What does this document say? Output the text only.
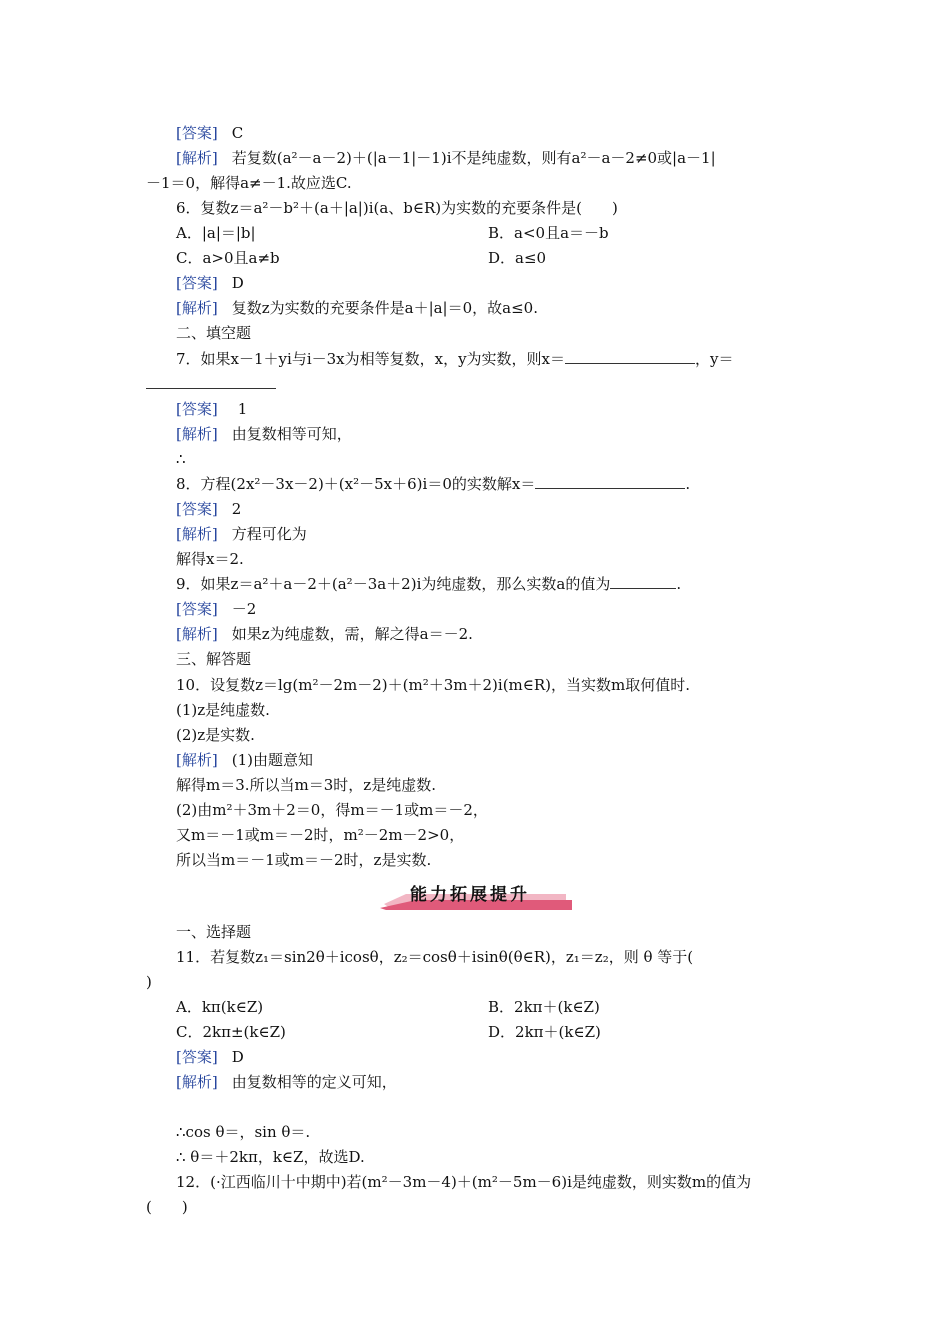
[答案] C
[解析] 若复数(a²－a－2)＋(|a－1|－1)i不是纯虚数，则有a²－a－2≠0或|a－1|
－1＝0，解得a≠－1.故应选C.
6．复数z＝a²－b²＋(a＋|a|)i(a、b∈R)为实数的充要条件是(　　)
A．|a|＝|b|	B．a<0且a＝－b
C．a>0且a≠b	D．a≤0
[答案] D
[解析] 复数z为实数的充要条件是a＋|a|＝0，故a≤0.
二、填空题
7．如果x－1＋yi与i－3x为相等复数，x，y为实数，则x＝	，y＝
[答案] 1
[解析] 由复数相等可知，
∴
8．方程(2x²－3x－2)＋(x²－5x＋6)i＝0的实数解x＝	.
[答案] 2
[解析] 方程可化为
解得x＝2.
9．如果z＝a²＋a－2＋(a²－3a＋2)i为纯虚数，那么实数a的值为	.
[答案] －2
[解析] 如果z为纯虚数，需，解之得a＝－2.
三、解答题
10．设复数z＝lg(m²－2m－2)＋(m²＋3m＋2)i(m∈R)，当实数m取何值时.
(1)z是纯虚数.
(2)z是实数.
[解析] (1)由题意知
解得m＝3.所以当m＝3时，z是纯虚数.
(2)由m²＋3m＋2＝0，得m＝－1或m＝－2，
又m＝－1或m＝－2时，m²－2m－2>0，
所以当m＝－1或m＝－2时，z是实数.
能力拓展提升
一、选择题
11．若复数z₁＝sin2θ＋icosθ，z₂＝cosθ＋isinθ(θ∈R)，z₁＝z₂，则 θ 等于(
)
A．kπ(k∈Z)	B．2kπ＋(k∈Z)
C．2kπ±(k∈Z)	D．2kπ＋(k∈Z)
[答案] D
[解析] 由复数相等的定义可知，
∴cos θ＝，sin θ＝.
∴ θ＝＋2kπ，k∈Z，故选D.
12．(·江西临川十中期中)若(m²－3m－4)＋(m²－5m－6)i是纯虚数，则实数m的值为
(　　)
